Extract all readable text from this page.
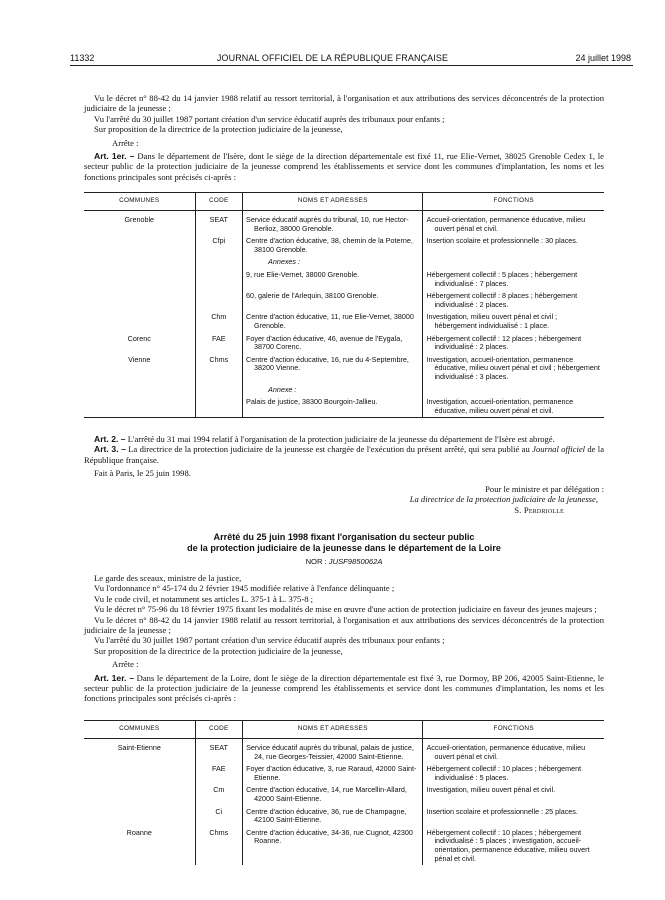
11332	JOURNAL OFFICIEL DE LA RÉPUBLIQUE FRANÇAISE	24 juillet 1998

Vu le décret n° 88-42 du 14 janvier 1988 relatif au ressort territorial, à l'organisation et aux attributions des services déconcentrés de la protection judiciaire de la jeunesse ;

Vu l'arrêté du 30 juillet 1987 portant création d'un service éducatif auprès des tribunaux pour enfants ;

Sur proposition de la directrice de la protection judiciaire de la jeunesse,

Arrête :

Art. 1er. – Dans le département de l'Isère, dont le siège de la direction départementale est fixé 11, rue Elie-Vernet, 38025 Grenoble Cedex 1, le secteur public de la protection judiciaire de la jeunesse comprend les établissements et service dont les communes d'implantation, les noms et les fonctions principales sont précisés ci-après :

COMMUNES	CODE	NOMS ET ADRESSES	FONCTIONS
Grenoble	SEAT	Service éducatif auprès du tribunal, 10, rue Hector-Berlioz, 38000 Grenoble.	Accueil-orientation, permanence éducative, milieu ouvert pénal et civil.

	Cfpi	Centre d'action éducative, 38, chemin de la Poterne, 38100 Grenoble.	Insertion scolaire et professionnelle : 30 places.

		Annexes :	

		9, rue Elie-Vernet, 38000 Grenoble.	Hébergement collectif : 5 places ; hébergement individualisé : 7 places.

		60, galerie de l'Arlequin, 38100 Grenoble.	Hébergement collectif : 8 places ; hébergement individualisé : 2 places.

	Chm	Centre d'action éducative, 11, rue Elie-Vernet, 38000 Grenoble.	Investigation, milieu ouvert pénal et civil ; hébergement individualisé : 1 place.

Corenc	FAE	Foyer d'action éducative, 46, avenue de l'Eygala, 38700 Corenc.	Hébergement collectif : 12 places ; hébergement individualisé : 2 places.

Vienne	Chms	Centre d'action éducative, 16, rue du 4-Septembre, 38200 Vienne.	Investigation, accueil-orientation, permanence éducative, milieu ouvert pénal et civil ; hébergement individualisé : 3 places.

		Annexe :	

		Palais de justice, 38300 Bourgoin-Jallieu.	Investigation, accueil-orientation, permanence éducative, milieu ouvert pénal et civil.

Art. 2. – L'arrêté du 31 mai 1994 relatif à l'organisation de la protection judiciaire de la jeunesse du département de l'Isère est abrogé.

Art. 3. – La directrice de la protection judiciaire de la jeunesse est chargée de l'exécution du présent arrêté, qui sera publié au Journal officiel de la République française.

Fait à Paris, le 25 juin 1998.

Pour le ministre et par délégation :
La directrice de la protection judiciaire de la jeunesse,
S. Perdriolle
Arrêté du 25 juin 1998 fixant l'organisation du secteur public
de la protection judiciaire de la jeunesse dans le département de la Loire
NOR : JUSF9850062A

Le garde des sceaux, ministre de la justice,

Vu l'ordonnance n° 45-174 du 2 février 1945 modifiée relative à l'enfance délinquante ;

Vu le code civil, et notamment ses articles L. 375-1 à L. 375-8 ;

Vu le décret n° 75-96 du 18 février 1975 fixant les modalités de mise en œuvre d'une action de protection judiciaire en faveur des jeunes majeurs ;

Vu le décret n° 88-42 du 14 janvier 1988 relatif au ressort territorial, à l'organisation et aux attributions des services déconcentrés de la protection judiciaire de la jeunesse ;

Vu l'arrêté du 30 juillet 1987 portant création d'un service éducatif auprès des tribunaux pour enfants ;

Sur proposition de la directrice de la protection judiciaire de la jeunesse,

Arrête :

Art. 1er. – Dans le département de la Loire, dont le siège de la direction départementale est fixé 3, rue Dormoy, BP 206, 42005 Saint-Etienne, le secteur public de la protection judiciaire de la jeunesse comprend les établissements et service dont les communes d'implantation, les noms et les fonctions principales sont précisés ci-après :

COMMUNES	CODE	NOMS ET ADRESSES	FONCTIONS
Saint-Etienne	SEAT	Service éducatif auprès du tribunal, palais de justice, 24, rue Georges-Teissier, 42000 Saint-Etienne.	Accueil-orientation, permanence éducative, milieu ouvert pénal et civil.

	FAE	Foyer d'action éducative, 3, rue Raraud, 42000 Saint-Etienne.	Hébergement collectif : 10 places ; hébergement individualisé : 5 places.

	Cm	Centre d'action éducative, 14, rue Marcellin-Allard, 42000 Saint-Etienne.	Investigation, milieu ouvert pénal et civil.

	Ci	Centre d'action éducative, 36, rue de Champagne, 42100 Saint-Etienne.	Insertion scolaire et professionnelle : 25 places.

Roanne	Chms	Centre d'action éducative, 34-36, rue Cugnot, 42300 Roanne.	Hébergement collectif : 10 places ; hébergement individualisé : 5 places ; investigation, accueil-orientation, permanence éducative, milieu ouvert pénal et civil.
